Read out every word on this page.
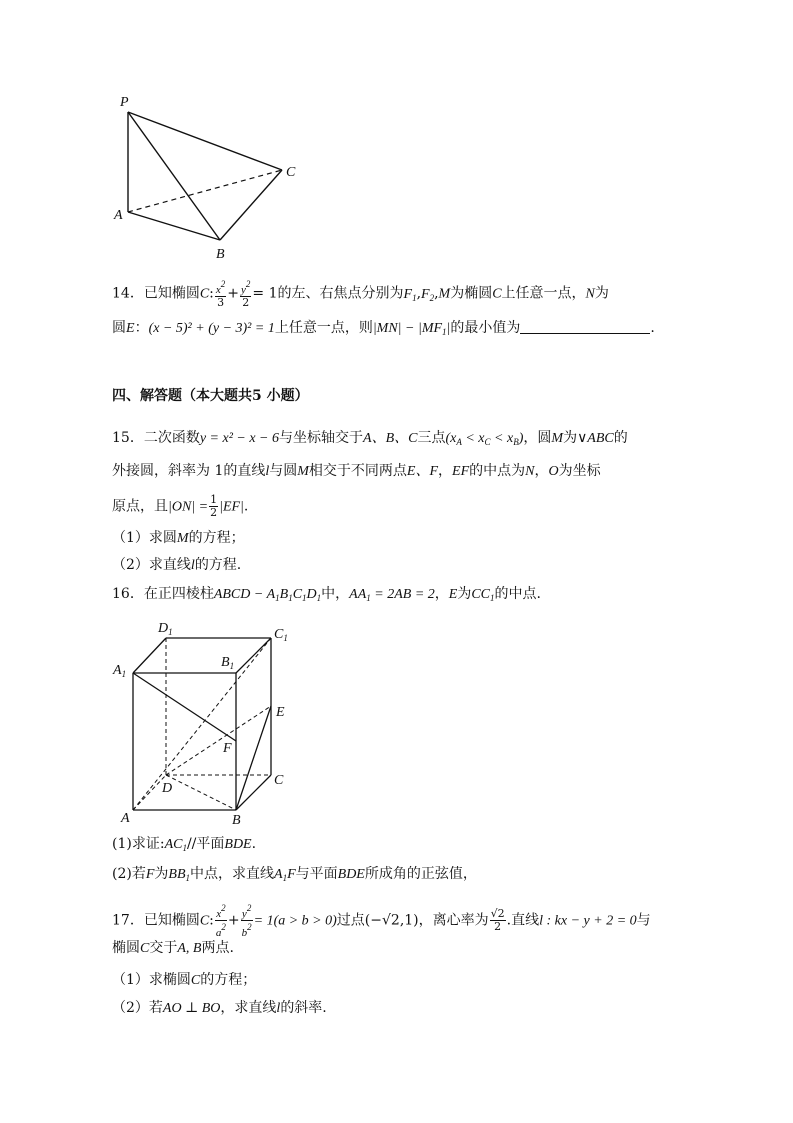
P
A
B
C
14．已知椭圆C: $\frac{x^2}{3} + \frac{y^2}{2} = 1$的左、右焦点分别为$F_1,F_2,M$为椭圆C上任意一点，N为
圆E：(x − 5)² + (y − 3)² = 1上任意一点，则$|MN| - |MF_1|$的最小值为	.
四、解答题（本大题共5 小题）
15．二次函数y = x² − x − 6与坐标轴交于A、B、C三点$(x_A < x_C < x_B)$，圆M为∨ABC的
外接圆，斜率为 1的直线l与圆M相交于不同两点E、F，EF的中点为N，O为坐标
原点，且$|ON| = \frac{1}{2} |EF|$.
（1）求圆M的方程；
（2）求直线l的方程.
16．在正四棱柱ABCD − $A_1B_1C_1D_1$中，$AA_1 = 2AB = 2$，E为$CC_1$的中点.
$D_1$	$C_1$
$A_1$
$B_1$
E
F
D
C
A	B
(1)求证$:AC_1//$平面BDE.
(2)若F为$BB_1$中点，求直线$A_1F$与平面BDE所成角的正弦值，
17．已知椭圆C: $\frac{x^2}{a^2} + \frac{y^2}{b^2} = 1(a > b > 0)$过点(−√2,1)，离心率为 $\frac{√2}{2}$ .直线l : kx − y + 2 = 0与
椭圆C交于A, B两点.
（1）求椭圆C的方程；
（2）若AO ⊥ BO，求直线l的斜率.
